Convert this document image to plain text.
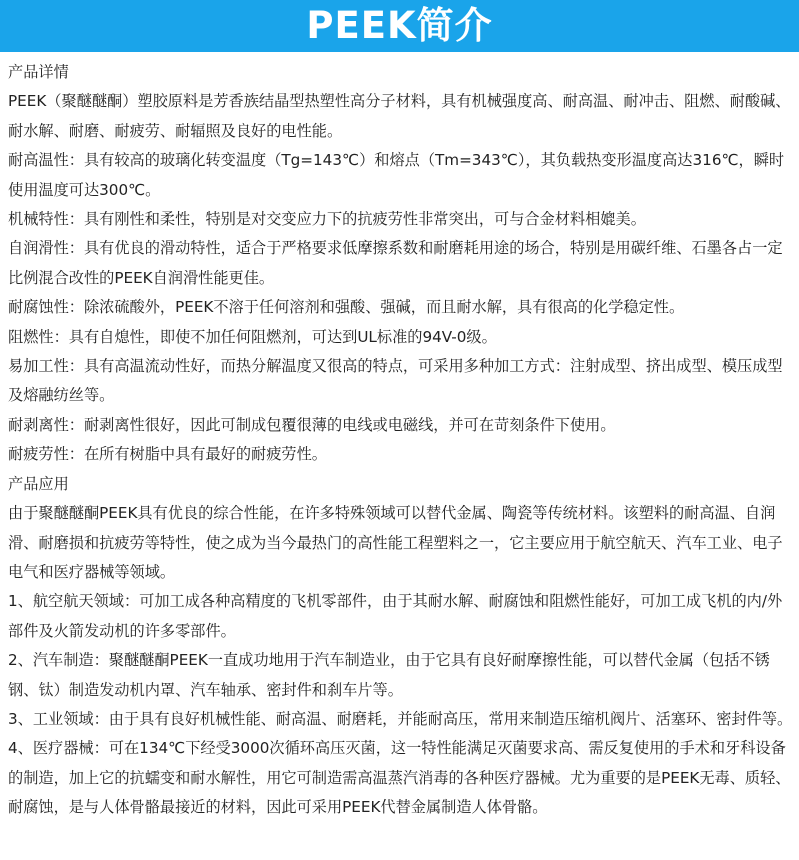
PEEK简介

产品详情

PEEK（聚醚醚酮）塑胶原料是芳香族结晶型热塑性高分子材料，具有机械强度高、耐高温、耐冲击、阻燃、耐酸碱、耐水解、耐磨、耐疲劳、耐辐照及良好的电性能。

耐高温性：具有较高的玻璃化转变温度（Tg=143℃）和熔点（Tm=343℃），其负载热变形温度高达316℃，瞬时使用温度可达300℃。

机械特性：具有刚性和柔性，特别是对交变应力下的抗疲劳性非常突出，可与合金材料相媲美。

自润滑性：具有优良的滑动特性，适合于严格要求低摩擦系数和耐磨耗用途的场合，特别是用碳纤维、石墨各占一定比例混合改性的PEEK自润滑性能更佳。

耐腐蚀性：除浓硫酸外，PEEK不溶于任何溶剂和强酸、强碱，而且耐水解，具有很高的化学稳定性。

阻燃性：具有自熄性，即使不加任何阻燃剂，可达到UL标准的94V-0级。

易加工性：具有高温流动性好，而热分解温度又很高的特点，可采用多种加工方式：注射成型、挤出成型、模压成型及熔融纺丝等。

耐剥离性：耐剥离性很好，因此可制成包覆很薄的电线或电磁线，并可在苛刻条件下使用。

耐疲劳性：在所有树脂中具有最好的耐疲劳性。

产品应用

由于聚醚醚酮PEEK具有优良的综合性能，在许多特殊领域可以替代金属、陶瓷等传统材料。该塑料的耐高温、自润滑、耐磨损和抗疲劳等特性，使之成为当今最热门的高性能工程塑料之一，它主要应用于航空航天、汽车工业、电子电气和医疗器械等领域。

1、航空航天领域：可加工成各种高精度的飞机零部件，由于其耐水解、耐腐蚀和阻燃性能好，可加工成飞机的内/外部件及火箭发动机的许多零部件。

2、汽车制造：聚醚醚酮PEEK一直成功地用于汽车制造业，由于它具有良好耐摩擦性能，可以替代金属（包括不锈钢、钛）制造发动机内罩、汽车轴承、密封件和刹车片等。

3、工业领域：由于具有良好机械性能、耐高温、耐磨耗，并能耐高压，常用来制造压缩机阀片、活塞环、密封件等。

4、医疗器械：可在134℃下经受3000次循环高压灭菌，这一特性能满足灭菌要求高、需反复使用的手术和牙科设备的制造，加上它的抗蠕变和耐水解性，用它可制造需高温蒸汽消毒的各种医疗器械。尤为重要的是PEEK无毒、质轻、耐腐蚀，是与人体骨骼最接近的材料，因此可采用PEEK代替金属制造人体骨骼。
